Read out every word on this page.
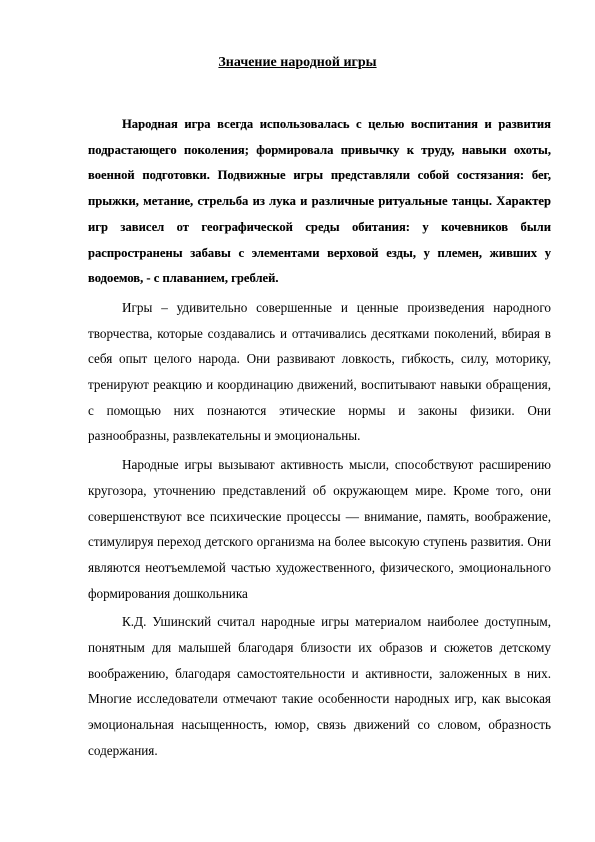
Значение народной игры

Народная игра всегда использовалась с целью воспитания и развития подрастающего поколения; формировала привычку к труду, навыки охоты, военной подготовки. Подвижные игры представляли собой состязания: бег, прыжки, метание, стрельба из лука и различные ритуальные танцы. Характер игр зависел от географической среды обитания: у кочевников были распространены забавы с элементами верховой езды, у племен, живших у водоемов, - с плаванием, греблей.

Игры – удивительно совершенные и ценные произведения народного творчества, которые создавались и оттачивались десятками поколений, вбирая в себя опыт целого народа. Они развивают ловкость, гибкость, силу, моторику, тренируют реакцию и координацию движений, воспитывают навыки обращения, с помощью них познаются этические нормы и законы физики. Они разнообразны, развлекательны и эмоциональны.

Народные игры вызывают активность мысли, способствуют расширению кругозора, уточнению представлений об окружающем мире. Кроме того, они совершенствуют все психические процессы — внимание, память, воображение, стимулируя переход детского организма на более высокую ступень развития. Они являются неотъемлемой частью художественного, физического, эмоционального формирования дошкольника

К.Д. Ушинский считал народные игры материалом наиболее доступным, понятным для малышей благодаря близости их образов и сюжетов детскому воображению, благодаря самостоятельности и активности, заложенных в них. Многие исследователи отмечают такие особенности народных игр, как высокая эмоциональная насыщенность, юмор, связь движений со словом, образность содержания.
